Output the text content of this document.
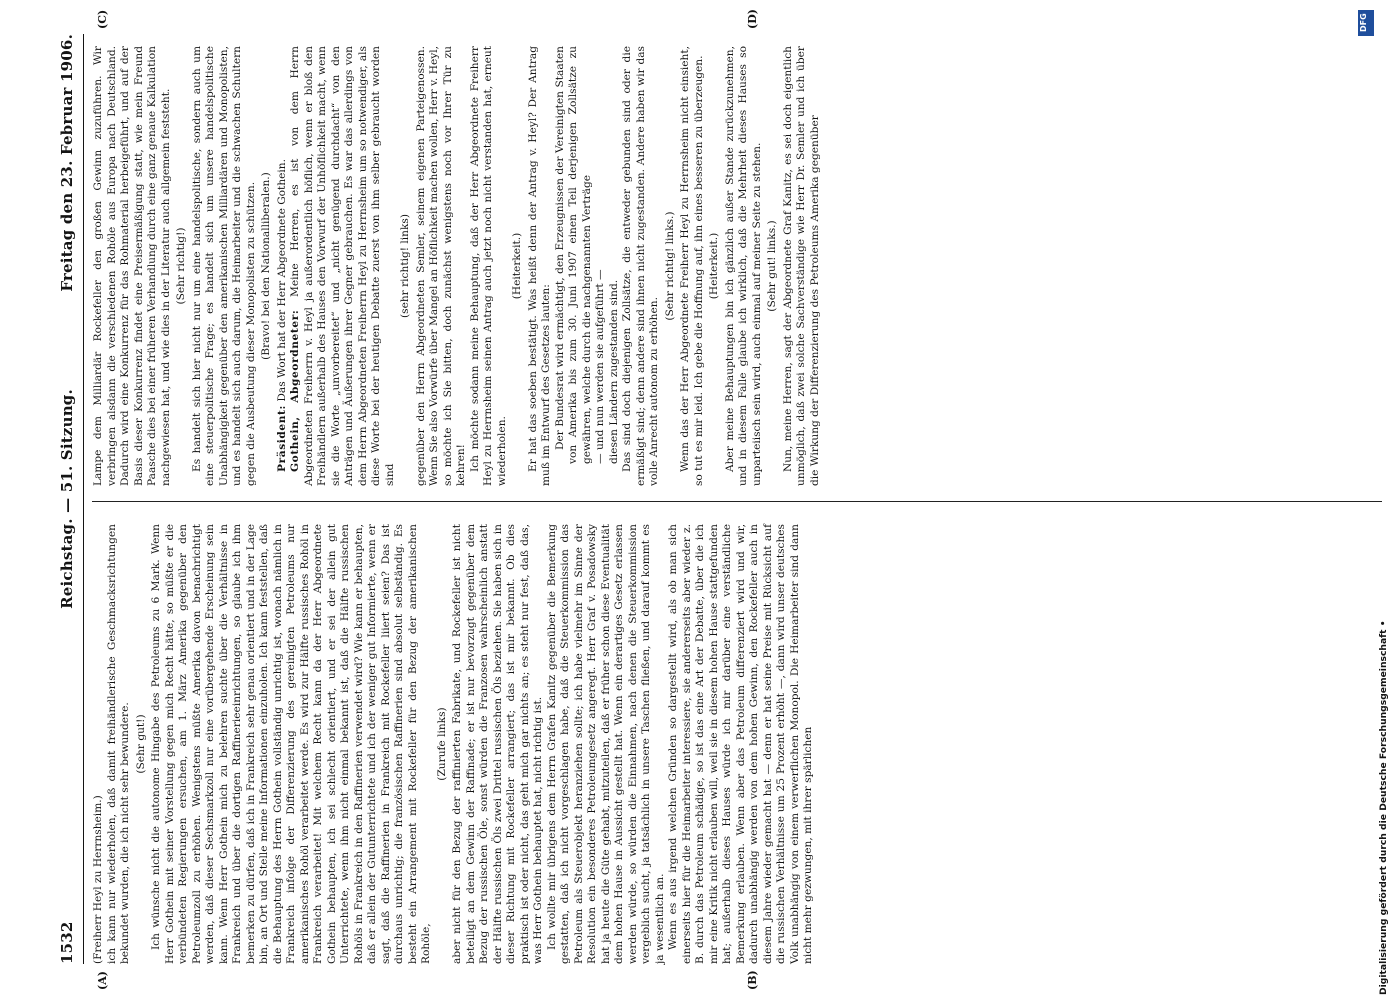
1532
Reichstag. — 51. Sitzung.
Freitag den 23. Februar 1906.

(Freiherr Heyl zu Herrnsheim.) ich kann nur wiederholen, daß damit freihändlerische Geschmacksrichtungen bekundet wurden, die ich nicht sehr bewundere. (Sehr gut!) Ich wünsche nicht die autonome Hingabe des Petroleums zu 6 Mark. Wenn Herr Gothein mit seiner Vorstellung gegen mich Recht hätte, so müßte er die verbündeten Regierungen ersuchen, am 1. März Amerika gegenüber den Petroleumzoll zu erhöhen. Wenigstens müßte Amerika davon benachrichtigt werden, daß dieser Sechsmarkzoll nur eine vorübergehende Erscheinung sein kann. Wenn Herr Gothein mich zu belehren suchte über die Verhältnisse in Frankreich und über die dortigen Raffinerieeinrichtungen, so glaube ich ihm bemerken zu dürfen, daß ich in Frankreich sehr genau orientiert und in der Lage bin, an Ort und Stelle meine Informationen einzuholen. Ich kann feststellen, daß die Behauptung des Herrn Gothein vollständig unrichtig ist, wonach nämlich in Frankreich infolge der Differenzierung des gereinigten Petroleums nur amerikanisches Rohöl verarbeitet werde. Es wird zur Hälfte russisches Rohöl in Frankreich verarbeitet! Mit welchem Recht kann da der Herr Abgeordnete Gothein behaupten, ich sei schlecht orientiert, und er sei der allein gut Unterrichtete, wenn ihm nicht einmal bekannt ist, daß die Hälfte russischen Rohöls in Frankreich in den Raffinerien verwendet wird? Wie kann er behaupten, daß er allein der Gutunterrichtete und ich der weniger gut Informierte, wenn er sagt, daß die Raffinerien in Frankreich mit Rockefeller liiert seien? Das ist durchaus unrichtig; die französischen Raffinerien sind absolut selbständig. Es besteht ein Arrangement mit Rockefeller für den Bezug der amerikanischen Rohöle,

(Zurufe links) aber nicht für den Bezug der raffinierten Fabrikate, und Rockefeller ist nicht beteiligt an dem Gewinn der Raffinade; er ist nur bevorzugt gegenüber dem Bezug der russischen Öle, sonst würden die Franzosen wahrscheinlich anstatt der Hälfte russischen Öls zwei Drittel russischen Öls beziehen. Sie haben sich in dieser Richtung mit Rockefeller arrangiert; das ist mir bekannt. Ob dies praktisch ist oder nicht, das geht mich gar nichts an; es steht nur fest, daß das, was Herr Gothein behauptet hat, nicht richtig ist. Ich wollte mir übrigens dem Herrn Grafen Kanitz gegenüber die Bemerkung gestatten, daß ich nicht vorgeschlagen habe, daß die Steuerkommission das Petroleum als Steuerobjekt heranziehen sollte; ich habe vielmehr im Sinne der Resolution ein besonderes Petroleumgesetz angeregt. Herr Graf v. Posadowsky hat ja heute die Güte gehabt, mitzuteilen, daß er früher schon diese Eventualität dem hohen Hause in Aussicht gestellt hat. Wenn ein derartiges Gesetz erlassen werden würde, so würden die Einnahmen, nach denen die Steuerkommission vergeblich sucht, ja tatsächlich in unsere Taschen fließen, und darauf kommt es ja wesentlich an. Wenn es aus irgend welchen Gründen so dargestellt wird, als ob man sich einerseits hier für die Heimarbeiter interessiere, sie andererseits aber wieder z. B. durch das Petroleum schädige, so ist das eine Art der Debatte, über die ich mir eine Kritik nicht erlauben will, weil sie in diesem hohen Hause stattgefunden hat; außerhalb dieses Hauses würde ich mir darüber eine verständliche Bemerkung erlauben. Wenn aber das Petroleum differenziert wird und wir, dadurch unabhängig werden von dem hohen Gewinn, den Rockefeller auch in diesem Jahre wieder gemacht hat — denn er hat seine Preise mit Rücksicht auf die russischen Verhältnisse um 25 Prozent erhöht —, dann wird unser deutsches Volk unabhängig von einem verwerflichen Monopol. Die Heimarbeiter sind dann nicht mehr gezwungen, mit ihrer spärlichen

Lampe dem Milliardär Rockefeller den großen Gewinn zuzuführen. Wir verbringen alsdann die verschiedenen Rohöle aus Europa nach Deutschland. Dadurch wird eine Konkurrenz für das Rohmaterial herbeigeführt, und auf der Basis dieser Konkurrenz findet eine Preisermäßigung statt, wie mein Freund Paasche dies bei einer früheren Verhandlung durch eine ganz genaue Kalkulation nachgewiesen hat, und wie dies in der Literatur auch allgemein feststeht. (Sehr richtig!) Es handelt sich hier nicht nur um eine handelspolitische, sondern auch um eine steuerpolitische Frage; es handelt sich um unsere handelspolitische Unabhängigkeit gegenüber den amerikanischen Milliardären und Monopolisten, und es handelt sich auch darum, die Heimarbeiter und die schwachen Schultern gegen die Ausbeutung dieser Monopolisten zu schützen. (Bravo! bei den Nationalliberalen.)

Präsident: Das Wort hat der Herr Abgeordnete Gothein. Gothein, Abgeordneter: Meine Herren, es ist von dem Herrn Abgeordneten Freiherrn v. Heyl ja außerordentlich höflich, wenn er bloß den Freihändlern außerhalb des Hauses den Vorwurf der Unhöflichkeit macht, wenn sie die Worte „unvorbereitet“ und „nicht genügend durchdacht“ von den Anträgen und Äußerungen ihrer Gegner gebrauchen. Es war das allerdings von dem Herrn Abgeordneten Freiherrn Heyl zu Herrnsheim um so notwendiger, als diese Worte bei der heutigen Debatte zuerst von ihm selber gebraucht worden sind

(sehr richtig! links) gegenüber den Herrn Abgeordneten Semler, seinem eigenen Parteigenossen. Wenn Sie also Vorwürfe über Mangel an Höflichkeit machen wollen, Herr v. Heyl, so möchte ich Sie bitten, doch zunächst wenigstens noch vor Ihrer Tür zu kehren! Ich möchte sodann meine Behauptung, daß der Herr Abgeordnete Freiherr Heyl zu Herrnsheim seinen Antrag auch jetzt noch nicht verstanden hat, erneut wiederholen.

(Heiterkeit.) Er hat das soeben bestätigt. Was heißt denn der Antrag v. Heyl? Der Antrag muß im Entwurf des Gesetzes lauten: Der Bundesrat wird ermächtigt, den Erzeugnissen der Vereinigten Staaten von Amerika bis zum 30. Juni 1907 einen Teil derjenigen Zollsätze zu gewähren, welche durch die nachgenannten Verträge — und nun werden sie aufgeführt — diesen Ländern zugestanden sind. Das sind doch diejenigen Zollsätze, die entweder gebunden sind oder die ermäßigt sind; denn andere sind ihnen nicht zugestanden. Andere haben wir das volle Anrecht autonom zu erhöhen.

(Sehr richtig! links.) Wenn das der Herr Abgeordnete Freiherr Heyl zu Herrnsheim nicht einsieht, so tut es mir leid. Ich gebe die Hoffnung auf, ihn eines besseren zu überzeugen. (Heiterkeit.) Aber meine Behauptungen bin ich gänzlich außer Stande zurückzunehmen, und in diesem Falle glaube ich wirklich, daß die Mehrheit dieses Hauses so unparteiisch sein wird, auch einmal auf meiner Seite zu stehen. (Sehr gut! links.) Nun, meine Herren, sagt der Abgeordnete Graf Kanitz, es sei doch eigentlich unmöglich, daß zwei solche Sachverständige wie Herr Dr. Semler und ich über die Wirkung der Differenzierung des Petroleums Amerika gegenüber

(A)	(B)
(C)	(D)	DFG
Digitalisierung gefördert durch die Deutsche Forschungsgemeinschaft •
